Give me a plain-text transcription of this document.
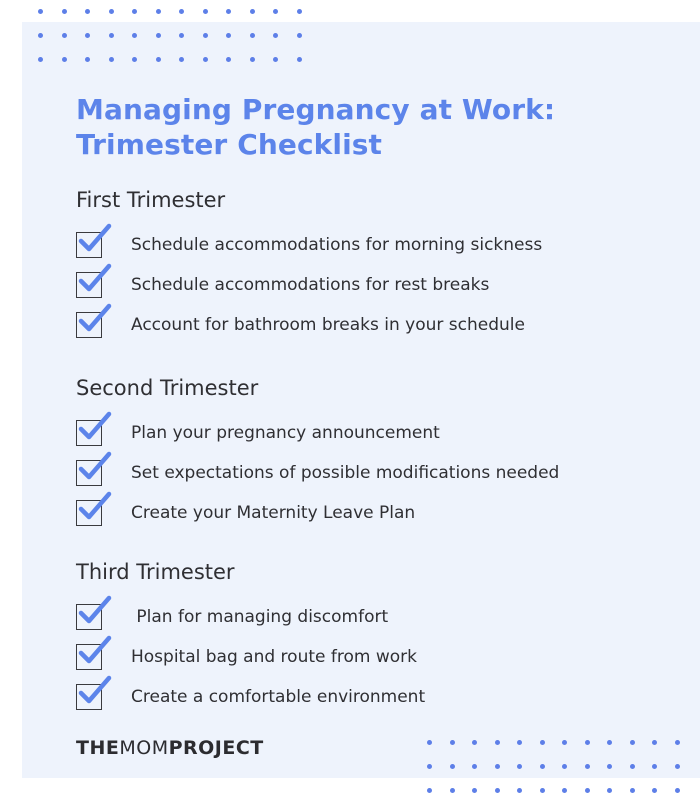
Managing Pregnancy at Work:
Trimester Checklist
First Trimester
Schedule accommodations for morning sickness
Schedule accommodations for rest breaks
Account for bathroom breaks in your schedule
Second Trimester
Plan your pregnancy announcement
Set expectations of possible modifications needed
Create your Maternity Leave Plan
Third Trimester
Plan for managing discomfort
Hospital bag and route from work
Create a comfortable environment
THE MOM PROJECT
